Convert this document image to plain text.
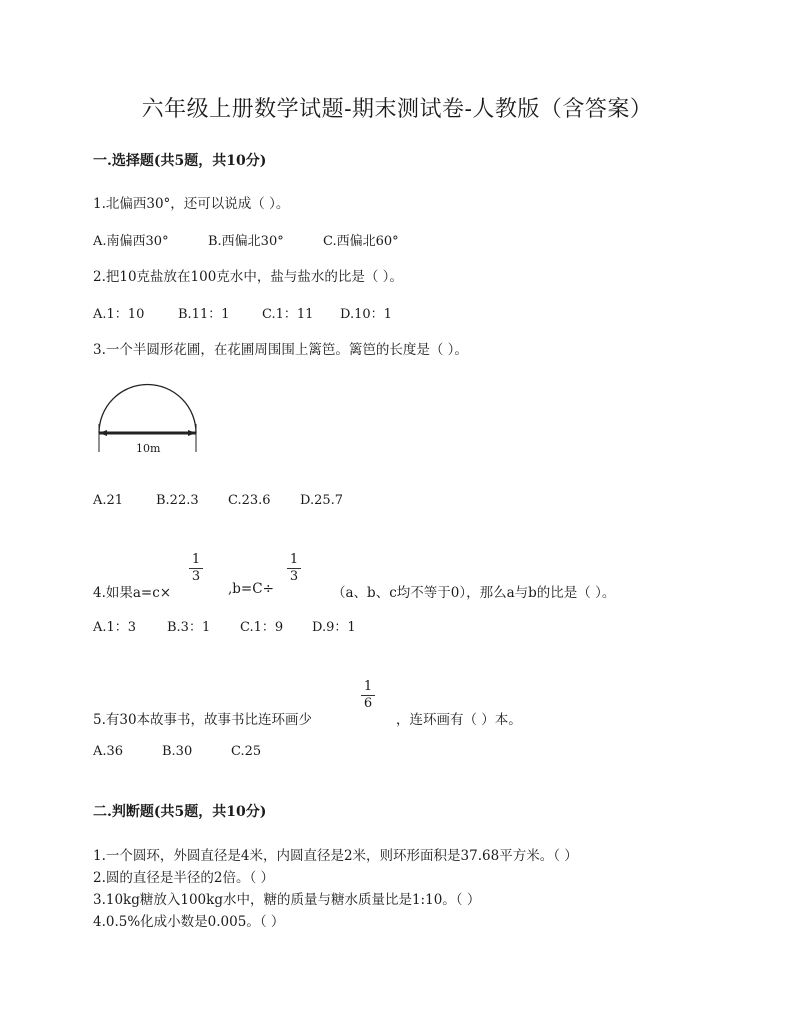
六年级上册数学试题-期末测试卷-人教版（含答案）
一.选择题(共5题，共10分)
1.北偏西30°，还可以说成（ ）。
A.南偏西30°	B.西偏北30°	C.西偏北60°
2.把10克盐放在100克水中，盐与盐水的比是（ ）。
A.1：10	B.11：1	C.1：11 D.10：1
3.一个半圆形花圃，在花圃周围围上篱笆。篱笆的长度是（ ）。
10m
A.21	B.22.3 C.23.6 D.25.7
4.如果a=c×
1
3
,b=C÷
1
3
（a、b、c均不等于0），那么a与b的比是（ ）。
A.1：3 B.3：1 C.1：9 D.9：1
5.有30本故事书，故事书比连环画少
1
6
，连环画有（ ）本。
A.36	B.30	C.25
二.判断题(共5题，共10分)
1.一个圆环，外圆直径是4米，内圆直径是2米，则环形面积是37.68平方米。（ ）
2.圆的直径是半径的2倍。（ ）
3.10kg糖放入100kg水中，糖的质量与糖水质量比是1:10。（ ）
4.0.5%化成小数是0.005。（ ）
